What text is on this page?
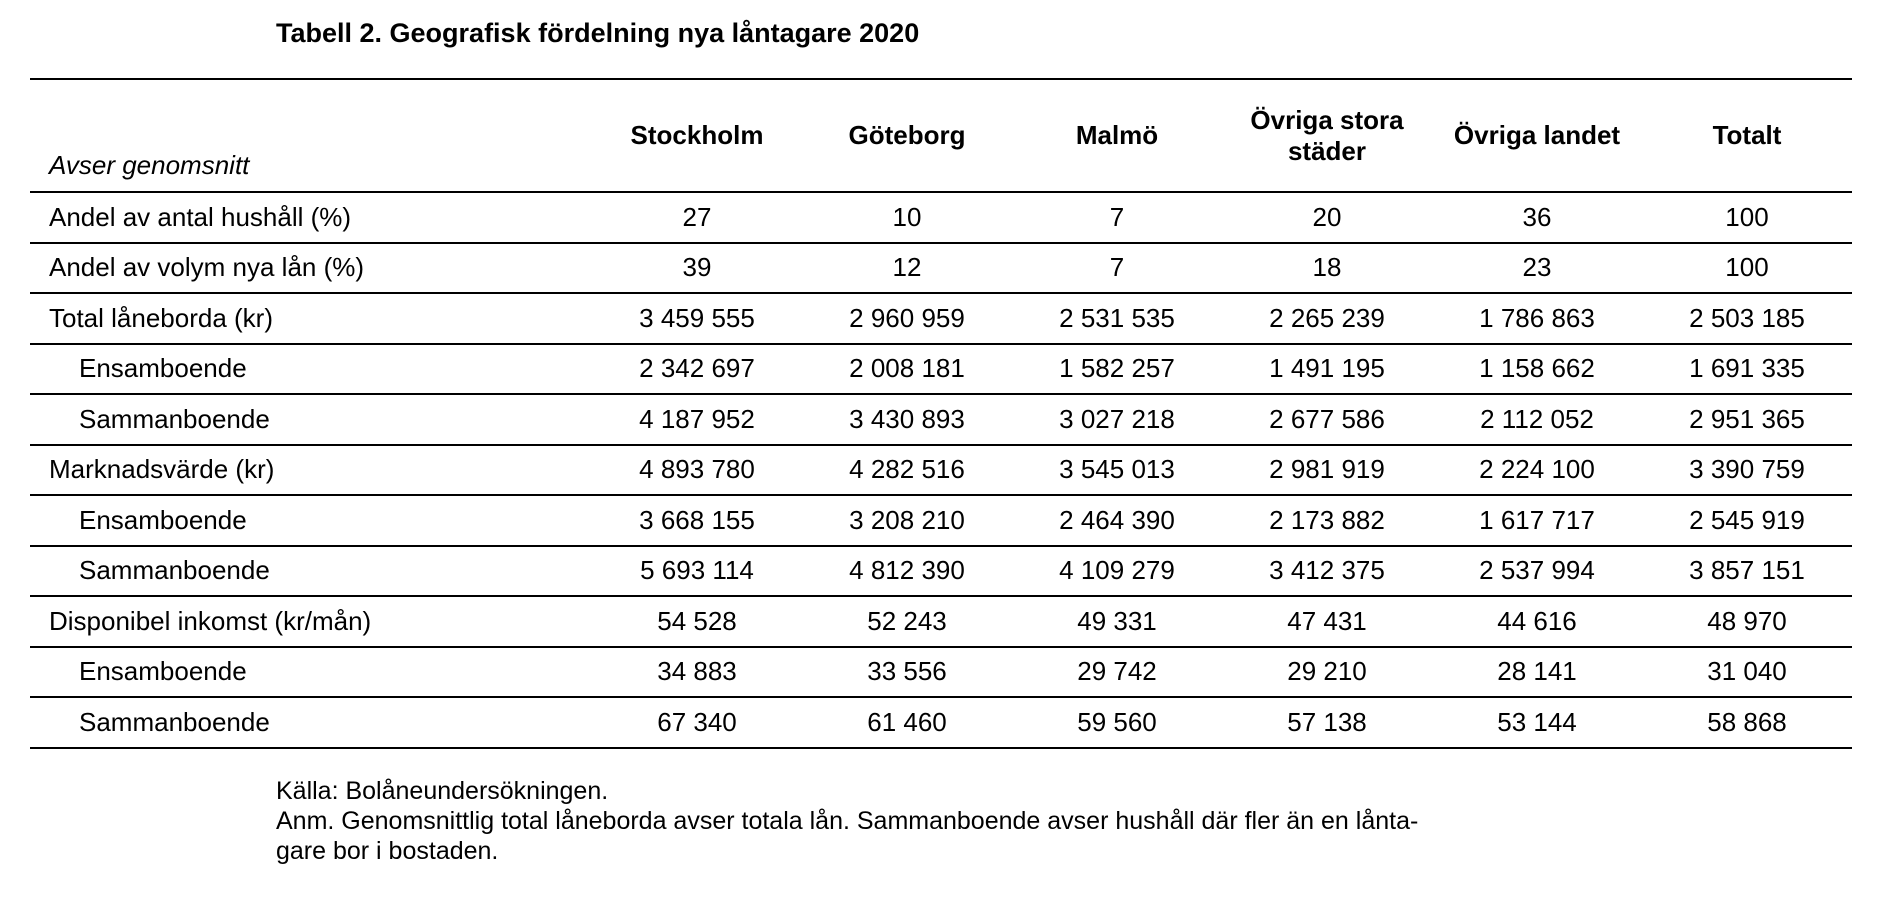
Tabell 2. Geografisk fördelning nya låntagare 2020
Avser genomsnitt	Stockholm	Göteborg	Malmö	Övriga stora städer	Övriga landet	Totalt
Andel av antal hushåll (%)	27	10	7	20	36	100
Andel av volym nya lån (%)	39	12	7	18	23	100
Total låneborda (kr)	3 459 555	2 960 959	2 531 535	2 265 239	1 786 863	2 503 185
Ensamboende	2 342 697	2 008 181	1 582 257	1 491 195	1 158 662	1 691 335
Sammanboende	4 187 952	3 430 893	3 027 218	2 677 586	2 112 052	2 951 365
Marknadsvärde (kr)	4 893 780	4 282 516	3 545 013	2 981 919	2 224 100	3 390 759
Ensamboende	3 668 155	3 208 210	2 464 390	2 173 882	1 617 717	2 545 919
Sammanboende	5 693 114	4 812 390	4 109 279	3 412 375	2 537 994	3 857 151
Disponibel inkomst (kr/mån)	54 528	52 243	49 331	47 431	44 616	48 970
Ensamboende	34 883	33 556	29 742	29 210	28 141	31 040
Sammanboende	67 340	61 460	59 560	57 138	53 144	58 868
Källa: Bolåneundersökningen.
Anm. Genomsnittlig total låneborda avser totala lån. Sammanboende avser hushåll där fler än en lånta-
gare bor i bostaden.
